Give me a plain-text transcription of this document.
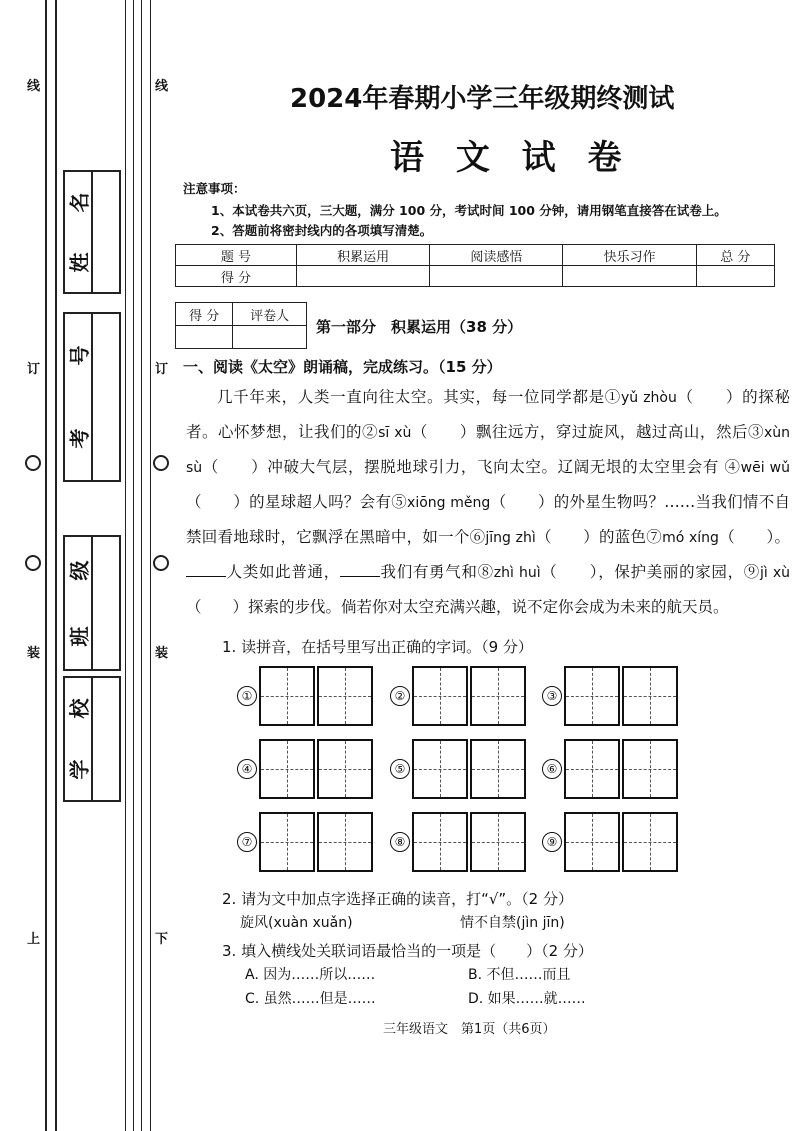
线
订
装
上
线
订
装
下
名
姓
号
考
级
班
校
学
2024年春期小学三年级期终测试
语 文 试 卷
注意事项：
1、本试卷共六页，三大题，满分 100 分，考试时间 100 分钟，请用钢笔直接答在试卷上。
2、答题前将密封线内的各项填写清楚。
题 号	积累运用	阅读感悟	快乐习作	总 分
得 分				
得 分	评卷人

第一部分　积累运用（38 分）
一、阅读《太空》朗诵稿，完成练习。（15 分）

几千年来，人类一直向往太空。其实，每一位同学都是①yǔ zhòu（　　）的探秘者。心怀梦想，让我们的②sī xù（　　）飘往远方，穿过旋风，越过高山，然后③xùn sù（　　）冲破大气层，摆脱地球引力，飞向太空。辽阔无垠的太空里会有 ④wēi wǔ（　　）的星球超人吗？会有⑤xiōng měng（　　）的外星生物吗？……当我们情不自禁回看地球时，它飘浮在黑暗中，如一个⑥jīng zhì（　　）的蓝色⑦mó xíng（　　）。人类如此普通，	我们有勇气和⑧zhì huì（　　），保护美丽的家园，⑨jì xù（　　）探索的步伐。倘若你对太空充满兴趣，说不定你会成为未来的航天员。

1. 读拼音，在括号里写出正确的字词。（9 分）
①	②	③
④	⑤	⑥
⑦	⑧	⑨
2. 请为文中加点字选择正确的读音，打“√”。（2 分）
旋风(xuàn xuǎn)	情不自禁(jìn jīn)
3. 填入横线处关联词语最恰当的一项是（　　）（2 分）
A. 因为……所以……	B. 不但……而且
C. 虽然……但是……	D. 如果……就……
三年级语文　第1页（共6页）
